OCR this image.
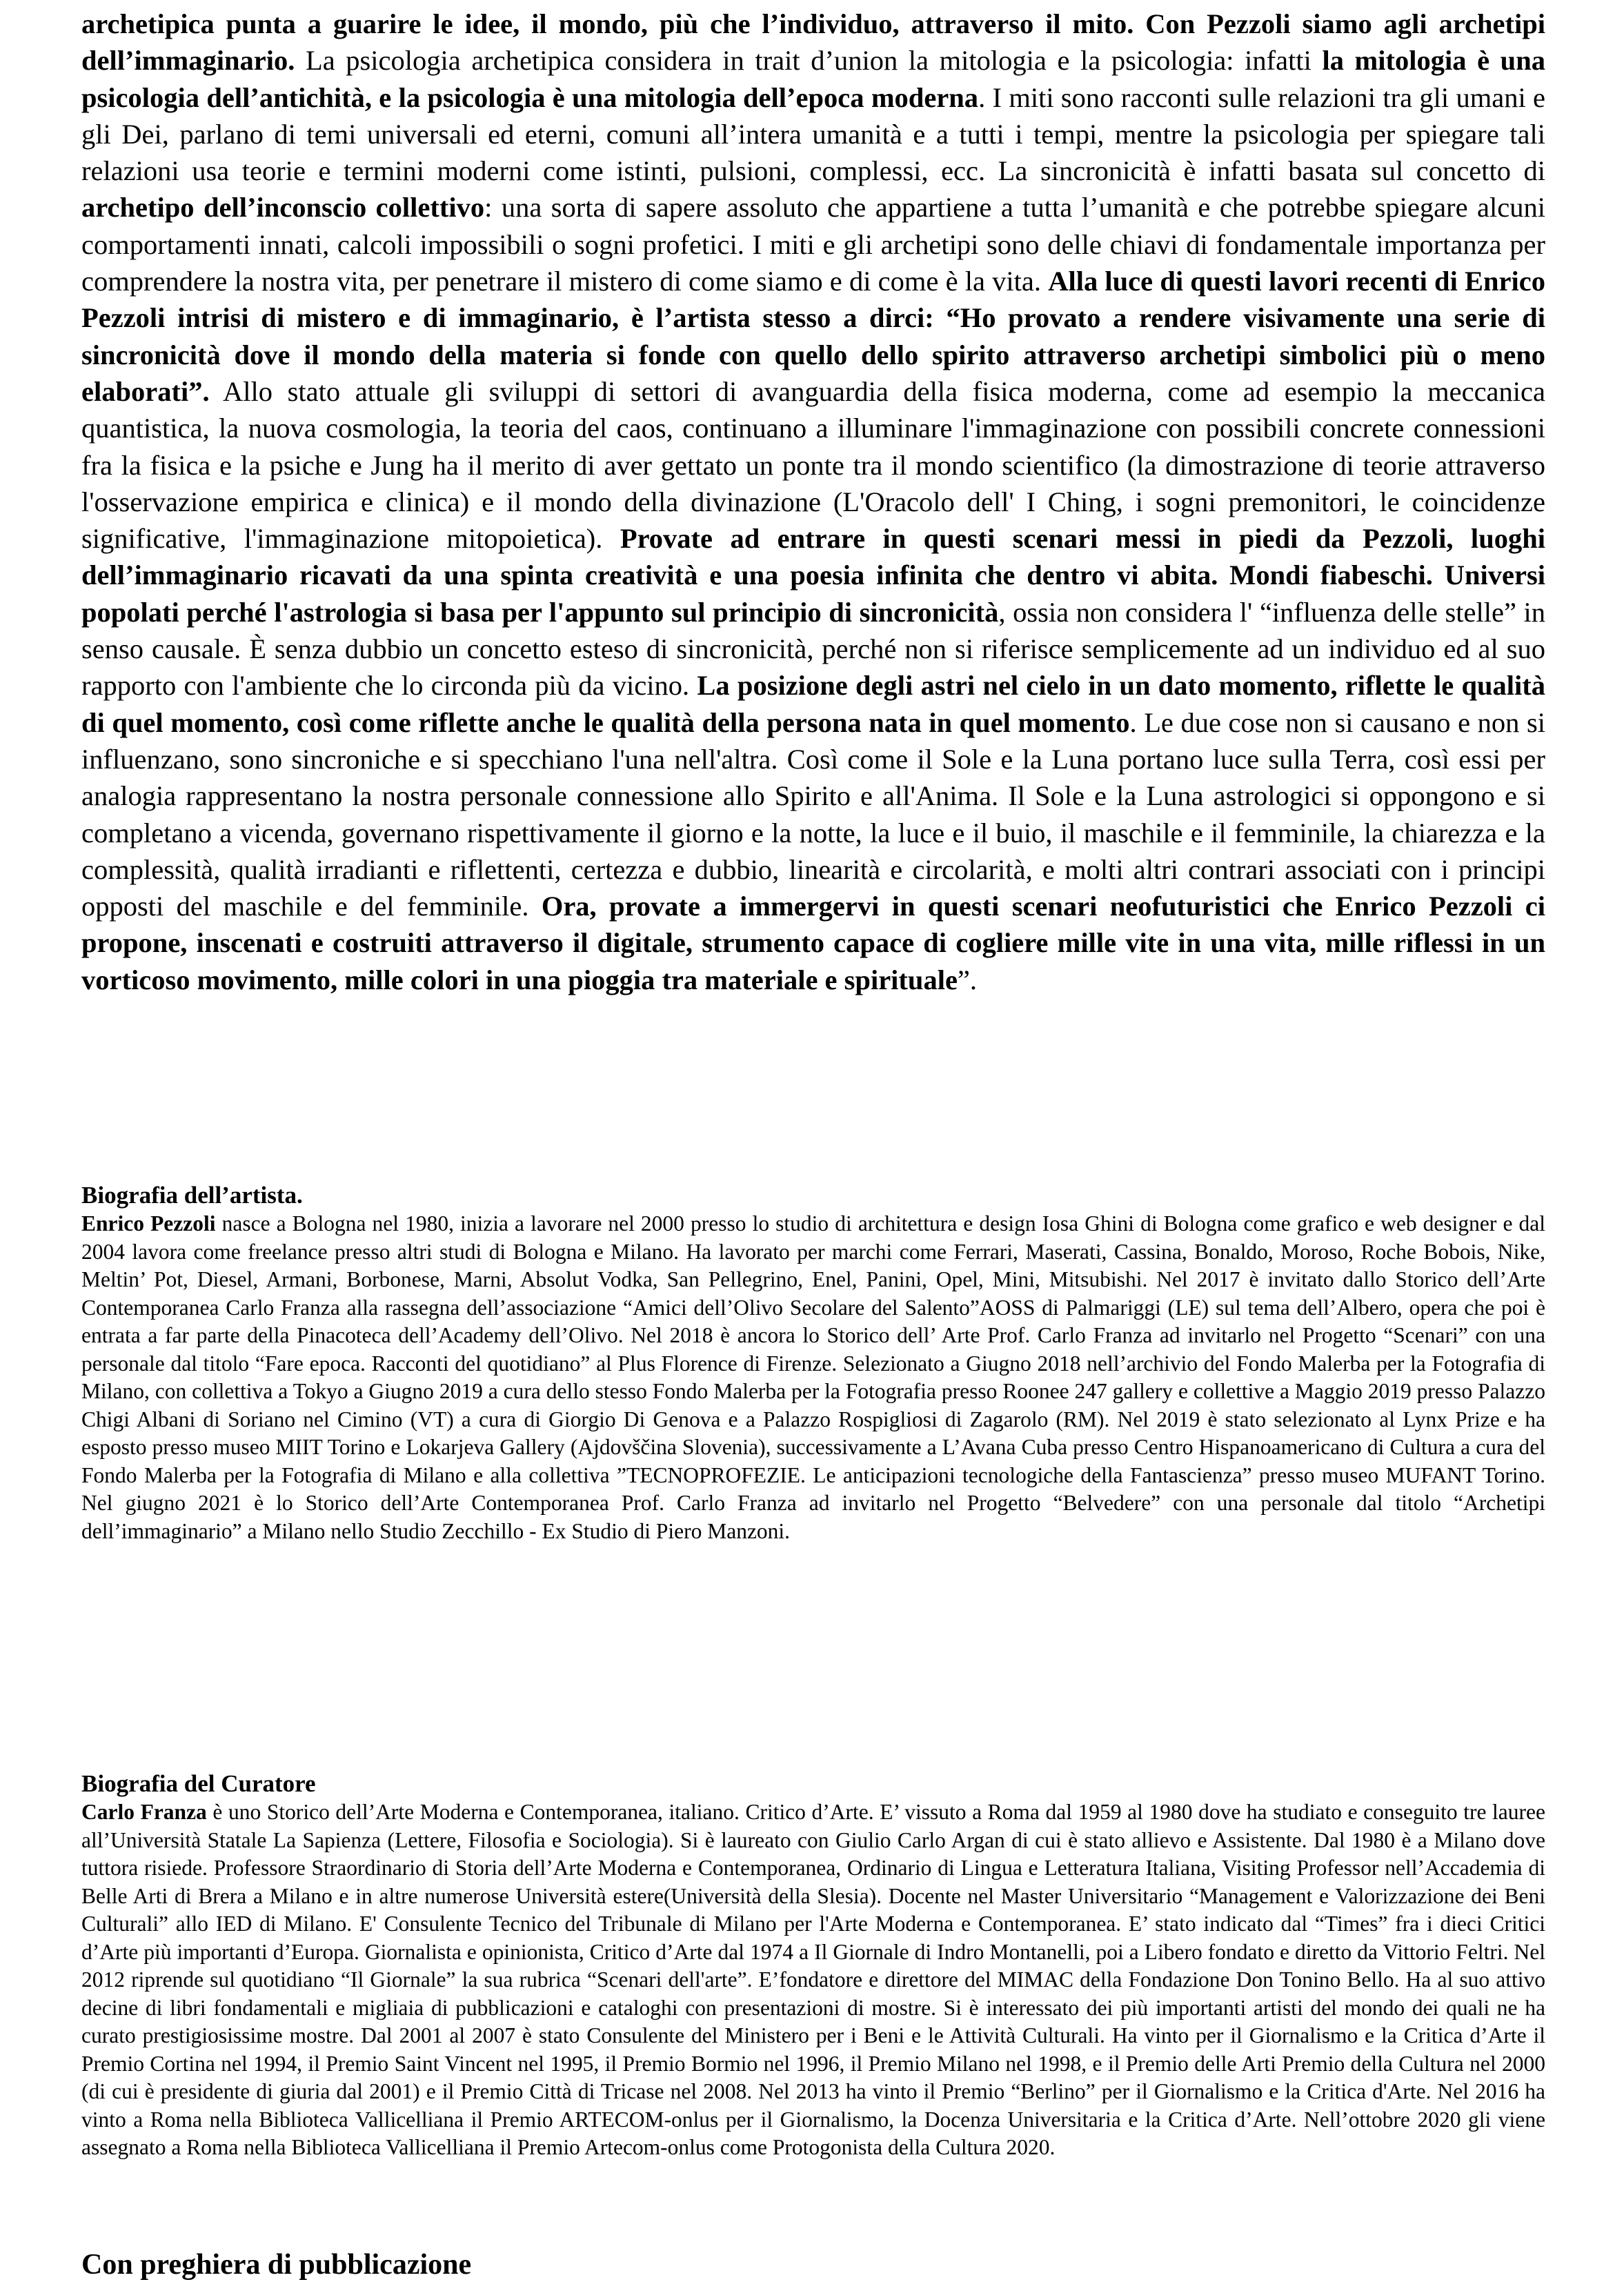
archetipica punta a guarire le idee, il mondo, più che l’individuo, attraverso il mito. Con Pezzoli siamo agli archetipi dell’immaginario. La psicologia archetipica considera in trait d’union la mitologia e la psicologia: infatti la mitologia è una psicologia dell’antichità, e la psicologia è una mitologia dell’epoca moderna. I miti sono racconti sulle relazioni tra gli umani e gli Dei, parlano di temi universali ed eterni, comuni all’intera umanità e a tutti i tempi, mentre la psicologia per spiegare tali relazioni usa teorie e termini moderni come istinti, pulsioni, complessi, ecc. La sincronicità è infatti basata sul concetto di archetipo dell’inconscio collettivo: una sorta di sapere assoluto che appartiene a tutta l’umanità e che potrebbe spiegare alcuni comportamenti innati, calcoli impossibili o sogni profetici. I miti e gli archetipi sono delle chiavi di fondamentale importanza per comprendere la nostra vita, per penetrare il mistero di come siamo e di come è la vita. Alla luce di questi lavori recenti di Enrico Pezzoli intrisi di mistero e di immaginario, è l’artista stesso a dirci: “Ho provato a rendere visivamente una serie di sincronicità dove il mondo della materia si fonde con quello dello spirito attraverso archetipi simbolici più o meno elaborati”. Allo stato attuale gli sviluppi di settori di avanguardia della fisica moderna, come ad esempio la meccanica quantistica, la nuova cosmologia, la teoria del caos, continuano a illuminare l'immaginazione con possibili concrete connessioni fra la fisica e la psiche e Jung ha il merito di aver gettato un ponte tra il mondo scientifico (la dimostrazione di teorie attraverso l'osservazione empirica e clinica) e il mondo della divinazione (L'Oracolo dell' I Ching, i sogni premonitori, le coincidenze significative, l'immaginazione mitopoietica). Provate ad entrare in questi scenari messi in piedi da Pezzoli, luoghi dell’immaginario ricavati da una spinta creatività e una poesia infinita che dentro vi abita. Mondi fiabeschi. Universi popolati perché l'astrologia si basa per l'appunto sul principio di sincronicità, ossia non considera l' “influenza delle stelle” in senso causale. È senza dubbio un concetto esteso di sincronicità, perché non si riferisce semplicemente ad un individuo ed al suo rapporto con l'ambiente che lo circonda più da vicino. La posizione degli astri nel cielo in un dato momento, riflette le qualità di quel momento, così come riflette anche le qualità della persona nata in quel momento. Le due cose non si causano e non si influenzano, sono sincroniche e si specchiano l'una nell'altra. Così come il Sole e la Luna portano luce sulla Terra, così essi per analogia rappresentano la nostra personale connessione allo Spirito e all'Anima. Il Sole e la Luna astrologici si oppongono e si completano a vicenda, governano rispettivamente il giorno e la notte, la luce e il buio, il maschile e il femminile, la chiarezza e la complessità, qualità irradianti e riflettenti, certezza e dubbio, linearità e circolarità, e molti altri contrari associati con i principi opposti del maschile e del femminile. Ora, provate a immergervi in questi scenari neofuturistici che Enrico Pezzoli ci propone, inscenati e costruiti attraverso il digitale, strumento capace di cogliere mille vite in una vita, mille riflessi in un vorticoso movimento, mille colori in una pioggia tra materiale e spirituale”.

Biografia dell’artista.

Enrico Pezzoli nasce a Bologna nel 1980, inizia a lavorare nel 2000 presso lo studio di architettura e design Iosa Ghini di Bologna come grafico e web designer e dal 2004 lavora come freelance presso altri studi di Bologna e Milano. Ha lavorato per marchi come Ferrari, Maserati, Cassina, Bonaldo, Moroso, Roche Bobois, Nike, Meltin’ Pot, Diesel, Armani, Borbonese, Marni, Absolut Vodka, San Pellegrino, Enel, Panini, Opel, Mini, Mitsubishi. Nel 2017 è invitato dallo Storico dell’Arte Contemporanea Carlo Franza alla rassegna dell’associazione “Amici dell’Olivo Secolare del Salento”AOSS di Palmariggi (LE) sul tema dell’Albero, opera che poi è entrata a far parte della Pinacoteca dell’Academy dell’Olivo. Nel 2018 è ancora lo Storico dell’ Arte Prof. Carlo Franza ad invitarlo nel Progetto “Scenari” con una personale dal titolo “Fare epoca. Racconti del quotidiano” al Plus Florence di Firenze. Selezionato a Giugno 2018 nell’archivio del Fondo Malerba per la Fotografia di Milano, con collettiva a Tokyo a Giugno 2019 a cura dello stesso Fondo Malerba per la Fotografia presso Roonee 247 gallery e collettive a Maggio 2019 presso Palazzo Chigi Albani di Soriano nel Cimino (VT) a cura di Giorgio Di Genova e a Palazzo Rospigliosi di Zagarolo (RM). Nel 2019 è stato selezionato al Lynx Prize e ha esposto presso museo MIIT Torino e Lokarjeva Gallery (Ajdovščina Slovenia), successivamente a L’Avana Cuba presso Centro Hispanoamericano di Cultura a cura del Fondo Malerba per la Fotografia di Milano e alla collettiva ”TECNOPROFEZIE. Le anticipazioni tecnologiche della Fantascienza” presso museo MUFANT Torino. Nel giugno 2021 è lo Storico dell’Arte Contemporanea Prof. Carlo Franza ad invitarlo nel Progetto “Belvedere” con una personale dal titolo “Archetipi dell’immaginario” a Milano nello Studio Zecchillo - Ex Studio di Piero Manzoni.

Biografia del Curatore

Carlo Franza è uno Storico dell’Arte Moderna e Contemporanea, italiano. Critico d’Arte. E’ vissuto a Roma dal 1959 al 1980 dove ha studiato e conseguito tre lauree all’Università Statale La Sapienza (Lettere, Filosofia e Sociologia). Si è laureato con Giulio Carlo Argan di cui è stato allievo e Assistente. Dal 1980 è a Milano dove tuttora risiede. Professore Straordinario di Storia dell’Arte Moderna e Contemporanea, Ordinario di Lingua e Letteratura Italiana, Visiting Professor nell’Accademia di Belle Arti di Brera a Milano e in altre numerose Università estere(Università della Slesia). Docente nel Master Universitario “Management e Valorizzazione dei Beni Culturali” allo IED di Milano. E' Consulente Tecnico del Tribunale di Milano per l'Arte Moderna e Contemporanea. E’ stato indicato dal “Times” fra i dieci Critici d’Arte più importanti d’Europa. Giornalista e opinionista, Critico d’Arte dal 1974 a Il Giornale di Indro Montanelli, poi a Libero fondato e diretto da Vittorio Feltri. Nel 2012 riprende sul quotidiano “Il Giornale” la sua rubrica “Scenari dell'arte”. E’fondatore e direttore del MIMAC della Fondazione Don Tonino Bello. Ha al suo attivo decine di libri fondamentali e migliaia di pubblicazioni e cataloghi con presentazioni di mostre. Si è interessato dei più importanti artisti del mondo dei quali ne ha curato prestigiosissime mostre. Dal 2001 al 2007 è stato Consulente del Ministero per i Beni e le Attività Culturali. Ha vinto per il Giornalismo e la Critica d’Arte il Premio Cortina nel 1994, il Premio Saint Vincent nel 1995, il Premio Bormio nel 1996, il Premio Milano nel 1998, e il Premio delle Arti Premio della Cultura nel 2000 (di cui è presidente di giuria dal 2001) e il Premio Città di Tricase nel 2008. Nel 2013 ha vinto il Premio “Berlino” per il Giornalismo e la Critica d'Arte. Nel 2016 ha vinto a Roma nella Biblioteca Vallicelliana il Premio ARTECOM-onlus per il Giornalismo, la Docenza Universitaria e la Critica d’Arte. Nell’ottobre 2020 gli viene assegnato a Roma nella Biblioteca Vallicelliana il Premio Artecom-onlus come Protogonista della Cultura 2020.

Con preghiera di pubblicazione
